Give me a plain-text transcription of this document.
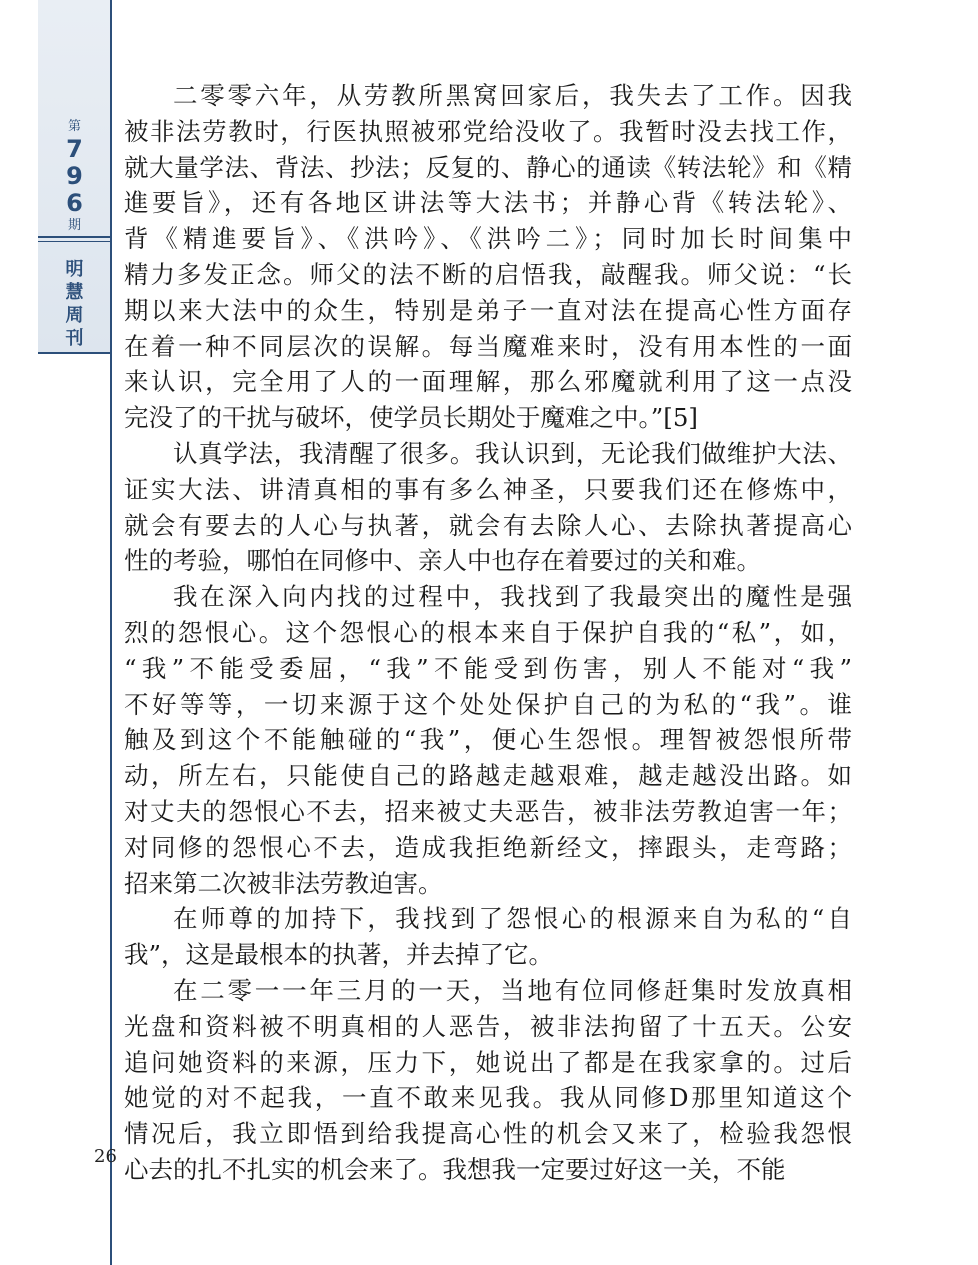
第
7
9
6
期
明
慧
周
刊
26
二零零六年，从劳教所黑窝回家后，我失去了工作。因我
被非法劳教时，行医执照被邪党给没收了。我暂时没去找工作，
就大量学法、背法、抄法；反复的、静心的通读《转法轮》和《精
進要旨》，还有各地区讲法等大法书；并静心背《转法轮》、
背《精進要旨》、《洪吟》、《洪吟二》；同时加长时间集中
精力多发正念。师父的法不断的启悟我，敲醒我。师父说：“长
期以来大法中的众生，特别是弟子一直对法在提高心性方面存
在着一种不同层次的误解。每当魔难来时，没有用本性的一面
来认识，完全用了人的一面理解，那么邪魔就利用了这一点没
完没了的干扰与破坏，使学员长期处于魔难之中。”[5]
认真学法，我清醒了很多。我认识到，无论我们做维护大法、
证实大法、讲清真相的事有多么神圣，只要我们还在修炼中，
就会有要去的人心与执著，就会有去除人心、去除执著提高心
性的考验，哪怕在同修中、亲人中也存在着要过的关和难。
我在深入向内找的过程中，我找到了我最突出的魔性是强
烈的怨恨心。这个怨恨心的根本来自于保护自我的“私”，如，
“我”不能受委屈，“我”不能受到伤害，别人不能对“我”
不好等等，一切来源于这个处处保护自己的为私的“我”。谁
触及到这个不能触碰的“我”，便心生怨恨。理智被怨恨所带
动，所左右，只能使自己的路越走越艰难，越走越没出路。如
对丈夫的怨恨心不去，招来被丈夫恶告，被非法劳教迫害一年；
对同修的怨恨心不去，造成我拒绝新经文，摔跟头，走弯路；
招来第二次被非法劳教迫害。
在师尊的加持下，我找到了怨恨心的根源来自为私的“自
我”，这是最根本的执著，并去掉了它。
在二零一一年三月的一天，当地有位同修赶集时发放真相
光盘和资料被不明真相的人恶告，被非法拘留了十五天。公安
追问她资料的来源，压力下，她说出了都是在我家拿的。过后
她觉的对不起我，一直不敢来见我。我从同修D那里知道这个
情况后，我立即悟到给我提高心性的机会又来了，检验我怨恨
心去的扎不扎实的机会来了。我想我一定要过好这一关，不能
